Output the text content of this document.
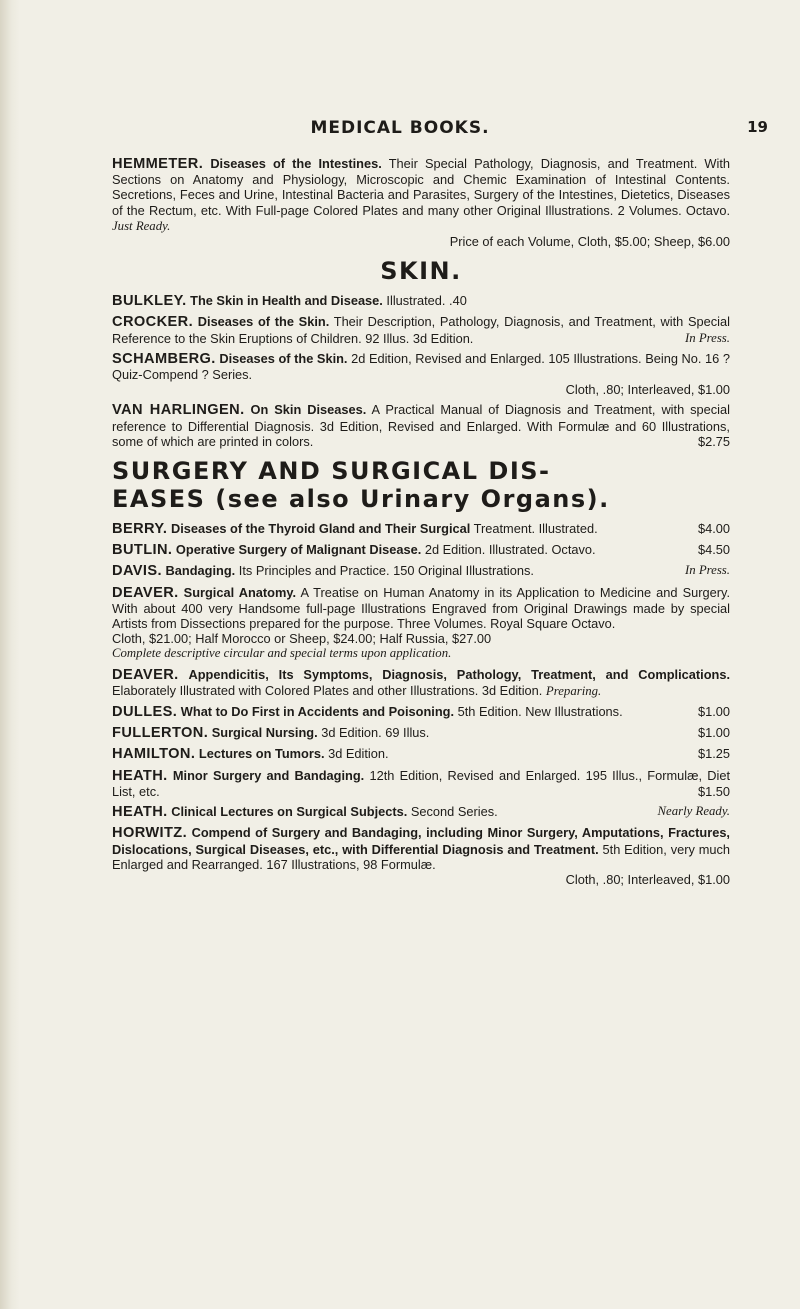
MEDICAL BOOKS.	19

HEMMETER. Diseases of the Intestines. Their Special Pathology, Diagnosis, and Treatment. With Sections on Anatomy and Physiology, Microscopic and Chemic Examination of Intestinal Contents. Secretions, Feces and Urine, Intestinal Bacteria and Parasites, Surgery of the Intestines, Dietetics, Diseases of the Rectum, etc. With Full-page Colored Plates and many other Original Illustrations. 2 Volumes. Octavo. Just Ready.
Price of each Volume, Cloth, $5.00; Sheep, $6.00

SKIN.

BULKLEY. The Skin in Health and Disease. Illustrated. .40

CROCKER. Diseases of the Skin. Their Description, Pathology, Diagnosis, and Treatment, with Special Reference to the Skin Eruptions of Children. 92 Illus. 3d Edition.	In Press.

SCHAMBERG. Diseases of the Skin. 2d Edition, Revised and Enlarged. 105 Illustrations. Being No. 16 ? Quiz-Compend ? Series.
Cloth, .80; Interleaved, $1.00

VAN HARLINGEN. On Skin Diseases. A Practical Manual of Diagnosis and Treatment, with special reference to Differential Diagnosis. 3d Edition, Revised and Enlarged. With Formulæ and 60 Illustrations, some of which are printed in colors.	$2.75

SURGERY AND SURGICAL DIS-
EASES (see also Urinary Organs).

BERRY. Diseases of the Thyroid Gland and Their Surgical Treatment. Illustrated.	$4.00

BUTLIN. Operative Surgery of Malignant Disease. 2d Edition. Illustrated. Octavo.	$4.50

DAVIS. Bandaging. Its Principles and Practice. 150 Original Illustrations.	In Press.

DEAVER. Surgical Anatomy. A Treatise on Human Anatomy in its Application to Medicine and Surgery. With about 400 very Handsome full-page Illustrations Engraved from Original Drawings made by special Artists from Dissections prepared for the purpose. Three Volumes. Royal Square Octavo.
Cloth, $21.00; Half Morocco or Sheep, $24.00; Half Russia, $27.00
Complete descriptive circular and special terms upon application.

DEAVER. Appendicitis, Its Symptoms, Diagnosis, Pathology, Treatment, and Complications. Elaborately Illustrated with Colored Plates and other Illustrations. 3d Edition. Preparing.

DULLES. What to Do First in Accidents and Poisoning. 5th Edition. New Illustrations.	$1.00

FULLERTON. Surgical Nursing. 3d Edition. 69 Illus.	$1.00

HAMILTON. Lectures on Tumors. 3d Edition.	$1.25

HEATH. Minor Surgery and Bandaging. 12th Edition, Revised and Enlarged. 195 Illus., Formulæ, Diet List, etc.	$1.50

HEATH. Clinical Lectures on Surgical Subjects. Second Series.	Nearly Ready.

HORWITZ. Compend of Surgery and Bandaging, including Minor Surgery, Amputations, Fractures, Dislocations, Surgical Diseases, etc., with Differential Diagnosis and Treatment. 5th Edition, very much Enlarged and Rearranged. 167 Illustrations, 98 Formulæ.
Cloth, .80; Interleaved, $1.00
